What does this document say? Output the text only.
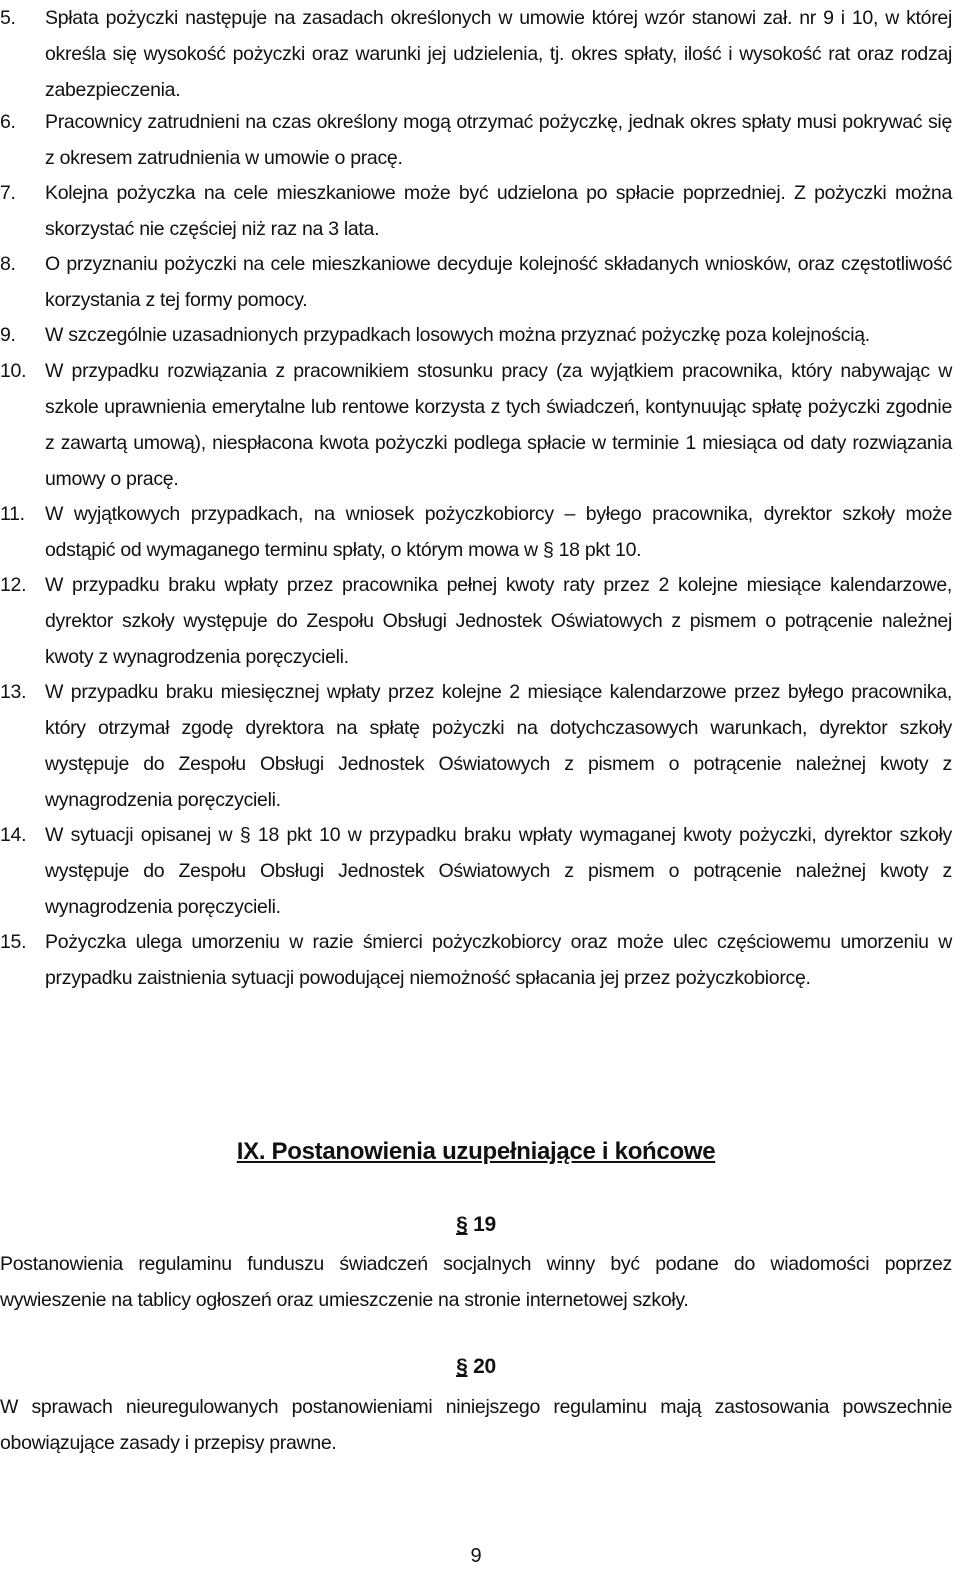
5.	Spłata pożyczki następuje na zasadach określonych w umowie której wzór stanowi zał. nr 9 i 10, w której określa się wysokość pożyczki oraz warunki jej udzielenia, tj. okres spłaty, ilość i wysokość rat oraz rodzaj zabezpieczenia.
6.	Pracownicy zatrudnieni na czas określony mogą otrzymać pożyczkę, jednak okres spłaty musi pokrywać się z okresem zatrudnienia w umowie o pracę.
7.	Kolejna pożyczka na cele mieszkaniowe może być udzielona po spłacie poprzedniej. Z pożyczki można skorzystać nie częściej niż raz na 3 lata.
8.	O przyznaniu pożyczki na cele mieszkaniowe decyduje kolejność składanych wniosków, oraz częstotliwość korzystania z tej formy pomocy.
9.	W szczególnie uzasadnionych przypadkach losowych można przyznać pożyczkę poza kolejnością.
10. W przypadku rozwiązania z pracownikiem stosunku pracy (za wyjątkiem pracownika, który nabywając w szkole uprawnienia emerytalne lub rentowe korzysta z tych świadczeń, kontynuując spłatę pożyczki zgodnie z zawartą umową), niespłacona kwota pożyczki podlega spłacie w terminie 1 miesiąca od daty rozwiązania umowy o pracę.
11.	W wyjątkowych przypadkach, na wniosek pożyczkobiorcy – byłego pracownika, dyrektor szkoły może odstąpić od wymaganego terminu spłaty, o którym mowa w § 18 pkt 10.
12. W przypadku braku wpłaty przez pracownika pełnej kwoty raty przez 2 kolejne miesiące kalendarzowe, dyrektor szkoły występuje do Zespołu Obsługi Jednostek Oświatowych z pismem o potrącenie należnej kwoty z wynagrodzenia poręczycieli.
13. W przypadku braku miesięcznej wpłaty przez kolejne 2 miesiące kalendarzowe przez byłego pracownika, który otrzymał zgodę dyrektora na spłatę pożyczki na dotychczasowych warunkach, dyrektor szkoły występuje do Zespołu Obsługi Jednostek Oświatowych z pismem o potrącenie należnej kwoty z wynagrodzenia poręczycieli.
14. W sytuacji opisanej w § 18 pkt 10 w przypadku braku wpłaty wymaganej kwoty pożyczki, dyrektor szkoły występuje do Zespołu Obsługi Jednostek Oświatowych z pismem o potrącenie należnej kwoty z wynagrodzenia poręczycieli.
15. Pożyczka ulega umorzeniu w razie śmierci pożyczkobiorcy oraz może ulec częściowemu umorzeniu w przypadku zaistnienia sytuacji powodującej niemożność spłacania jej przez pożyczkobiorcę.
IX. Postanowienia uzupełniające i końcowe
§ 19
Postanowienia regulaminu funduszu świadczeń socjalnych winny być podane do wiadomości poprzez wywieszenie na tablicy ogłoszeń oraz umieszczenie na stronie internetowej szkoły.
§ 20
W sprawach nieuregulowanych postanowieniami niniejszego regulaminu mają zastosowania powszechnie obowiązujące zasady i przepisy prawne.
9
